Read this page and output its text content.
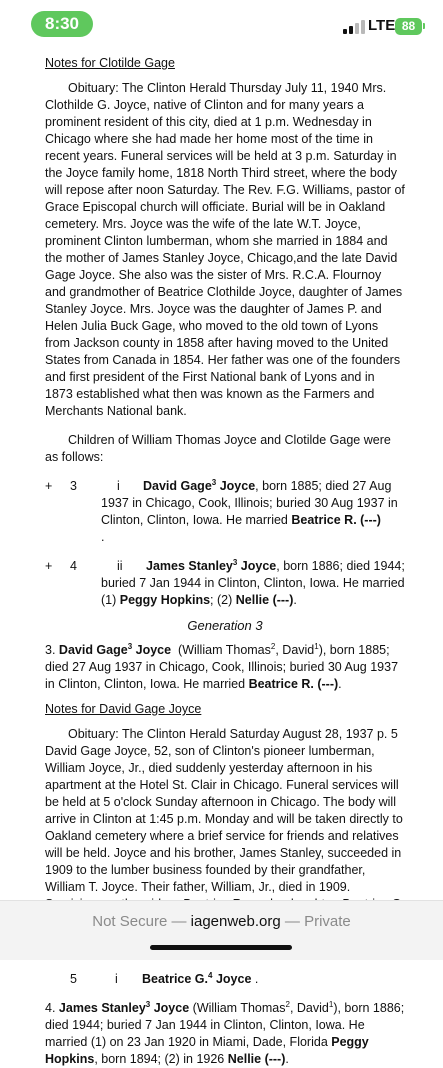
8:30	LTE 88
Notes for Clotilde Gage

Obituary: The Clinton Herald Thursday July 11, 1940 Mrs. Clothilde G. Joyce, native of Clinton and for many years a prominent resident of this city, died at 1 p.m. Wednesday in Chicago where she had made her home most of the time in recent years. Funeral services will be held at 3 p.m. Saturday in the Joyce family home, 1818 North Third street, where the body will repose after noon Saturday. The Rev. F.G. Williams, pastor of Grace Episcopal church will officiate. Burial will be in Oakland cemetery. Mrs. Joyce was the wife of the late W.T. Joyce, prominent Clinton lumberman, whom she married in 1884 and the mother of James Stanley Joyce, Chicago,and the late David Gage Joyce. She also was the sister of Mrs. R.C.A. Flournoy and grandmother of Beatrice Clothilde Joyce, daughter of James Stanley Joyce. Mrs. Joyce was the daughter of James P. and Helen Julia Buck Gage, who moved to the old town of Lyons from Jackson county in 1858 after having moved to the United States from Canada in 1854. Her father was one of the founders and first president of the First National bank of Lyons and in 1873 established what then was known as the Farmers and Merchants National bank.

Children of William Thomas Joyce and Clotilde Gage were as follows:

+ 3	i	David Gage$^3$ Joyce, born 1885; died 27 Aug 1937 in Chicago, Cook, Illinois; buried 30 Aug 1937 in Clinton, Clinton, Iowa. He married Beatrice R. (---)
.
+ 4	ii	James Stanley$^3$ Joyce, born 1886; died 1944; buried 7 Jan 1944 in Clinton, Clinton, Iowa. He married (1) Peggy Hopkins; (2) Nellie (---).

Generation 3

3. David Gage$^3$ Joyce (William Thomas$^2$, David$^1$), born 1885; died 27 Aug 1937 in Chicago, Cook, Illinois; buried 30 Aug 1937 in Clinton, Clinton, Iowa. He married Beatrice R. (---).

Notes for David Gage Joyce

Obituary: The Clinton Herald Saturday August 28, 1937 p. 5 David Gage Joyce, 52, son of Clinton's pioneer lumberman, William Joyce, Jr., died suddenly yesterday afternoon in his apartment at the Hotel St. Clair in Chicago. Funeral services will be held at 5 o'clock Sunday afternoon in Chicago. The body will arrive in Clinton at 1:45 p.m. Monday and will be taken directly to Oakland cemetery where a brief service for friends and relatives will be held. Joyce and his brother, James Stanley, succeeded in 1909 to the lumber business founded by their grandfather, William T. Joyce. Their father, William, Jr., died in 1909.

5	i Beatrice G.$^4$ Joyce .

4. James Stanley$^3$ Joyce (William Thomas$^2$, David$^1$), born 1886; died 1944; buried 7 Jan 1944 in Clinton, Clinton, Iowa. He married (1) on 23 Jan 1920 in Miami, Dade, Florida Peggy Hopkins, born 1894; (2) in 1926 Nellie (---).

Not Secure — iagenweb.org — Private
